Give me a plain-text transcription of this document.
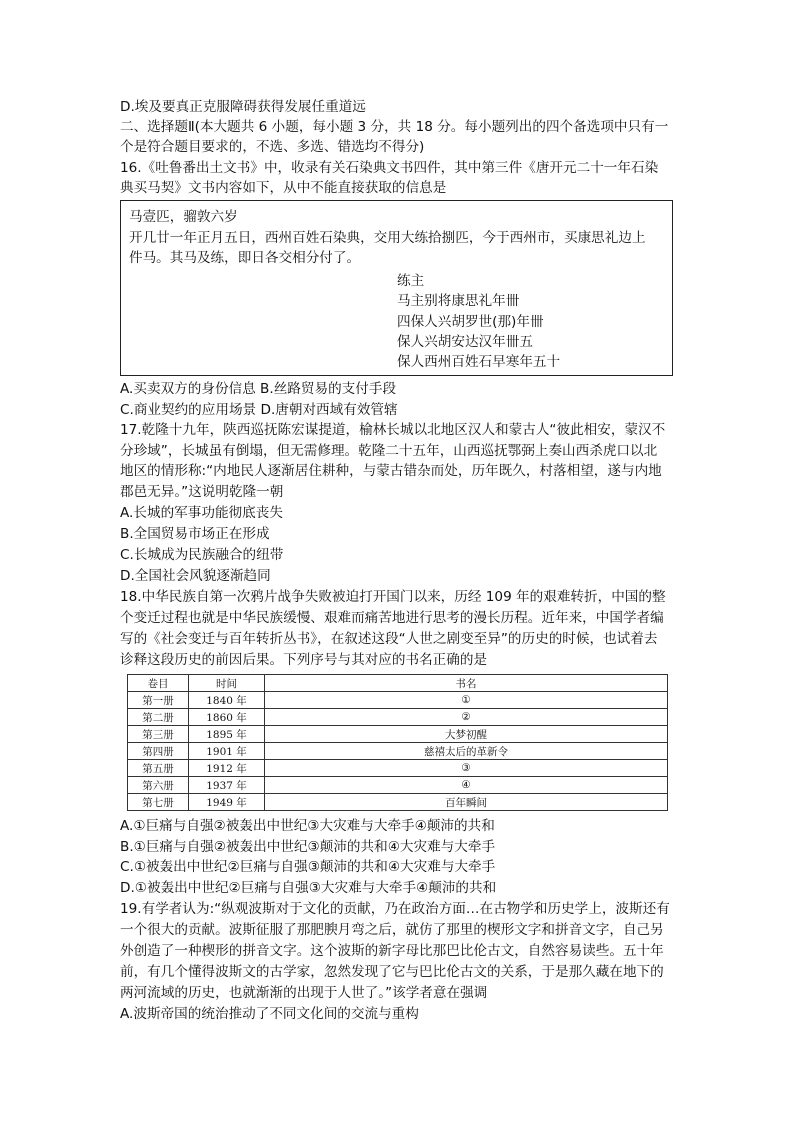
D.埃及要真正克服障碍获得发展任重道远
二、选择题Ⅱ(本大题共 6 小题，每小题 3 分，共 18 分。每小题列出的四个备选项中只有一
个是符合题目要求的，不选、多选、错选均不得分)
16.《吐鲁番出土文书》中，收录有关石染典文书四件，其中第三件《唐开元二十一年石染
典买马契》文书内容如下，从中不能直接获取的信息是
马壹匹，骝敦六岁
开几廿一年正月五日，西州百姓石染典，交用大练拾捌匹，今于西州市，买康思礼边上
件马。其马及练，即日各交相分付了。
练主
马主别将康思礼年卌
四保人兴胡罗世(那)年卌
保人兴胡安达汉年卌五
保人西州百姓石早寒年五十
A.买卖双方的身份信息 B.丝路贸易的支付手段
C.商业契约的应用场景 D.唐朝对西域有效管辖
17.乾隆十九年，陕西巡抚陈宏谋提道，榆林长城以北地区汉人和蒙古人“彼此相安，蒙汉不
分珍域”，长城虽有倒塌，但无需修理。乾隆二十五年，山西巡抚鄂弼上奏山西杀虎口以北
地区的情形称:“内地民人逐渐居住耕种，与蒙古错杂而处，历年既久，村落相望，遂与内地
郡邑无异。”这说明乾隆一朝
A.长城的军事功能彻底丧失
B.全国贸易市场正在形成
C.长城成为民族融合的纽带
D.全国社会风貌逐渐趋同
18.中华民族自第一次鸦片战争失败被迫打开国门以来，历经 109 年的艰难转折，中国的整
个变迁过程也就是中华民族缓慢、艰难而痛苦地进行思考的漫长历程。近年来，中国学者编
写的《社会变迁与百年转折丛书》，在叙述这段“人世之剧变至异”的历史的时候，也试着去
诊释这段历史的前因后果。下列序号与其对应的书名正确的是
卷目	时间	书名
第一册	1840 年	①
第二册	1860 年	②
第三册	1895 年	大梦初醒
第四册	1901 年	慈禧太后的革新令
第五册	1912 年	③
第六册	1937 年	④
第七册	1949 年	百年瞬间
A.①巨痛与自强②被轰出中世纪③大灾难与大牵手④颠沛的共和
B.①巨痛与自强②被轰出中世纪③颠沛的共和④大灾难与大牵手
C.①被轰出中世纪②巨痛与自强③颠沛的共和④大灾难与大牵手
D.①被轰出中世纪②巨痛与自强③大灾难与大牵手④颠沛的共和
19.有学者认为:“纵观波斯对于文化的贡献，乃在政治方面…在古物学和历史学上，波斯还有
一个很大的贡献。波斯征服了那肥腴月弯之后，就仿了那里的楔形文字和拼音文字，自己另
外创造了一种楔形的拼音文字。这个波斯的新字母比那巴比伦古文，自然容易读些。五十年
前，有几个懂得波斯文的古学家，忽然发现了它与巴比伦古文的关系，于是那久藏在地下的
两河流域的历史，也就渐渐的出现于人世了。”该学者意在强调
A.波斯帝国的统治推动了不同文化间的交流与重构
